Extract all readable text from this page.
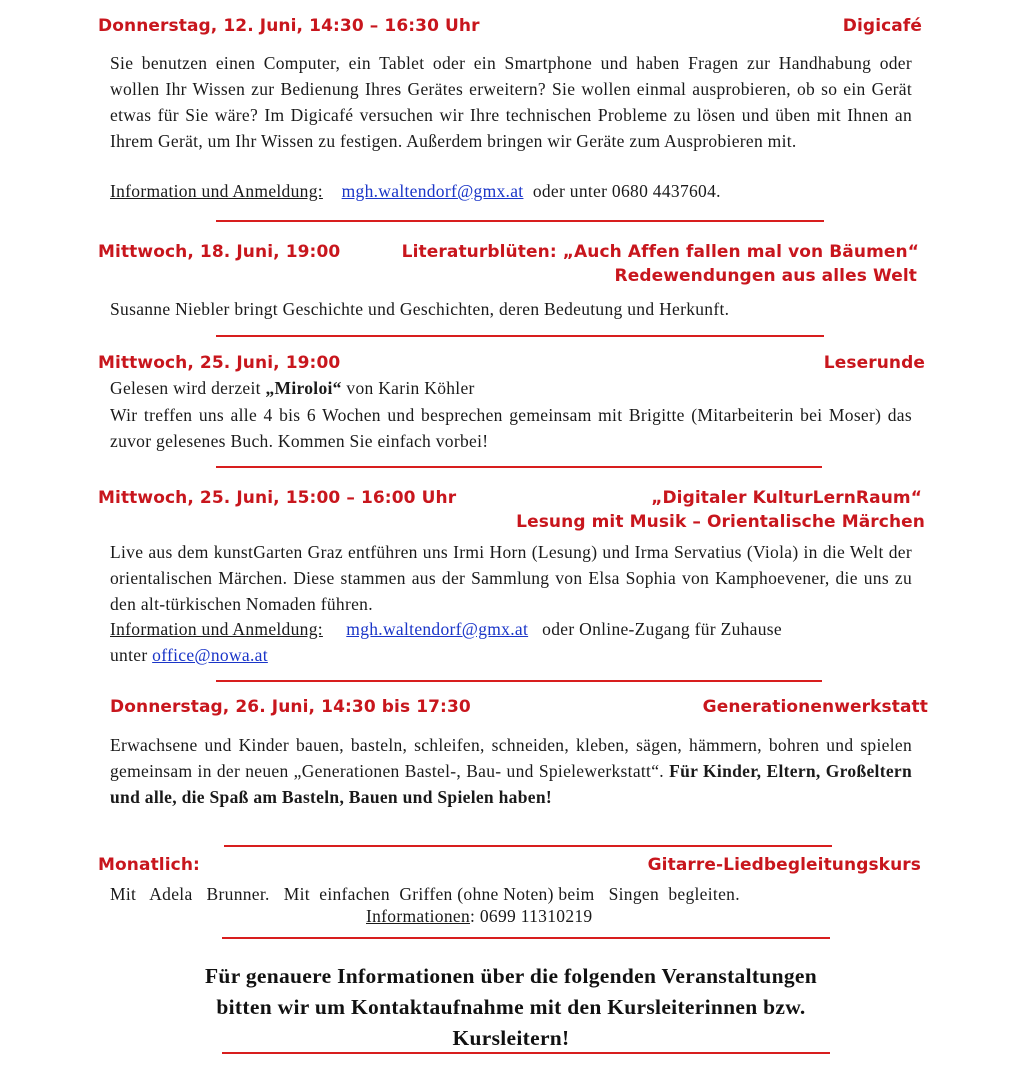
Donnerstag, 12. Juni, 14:30 – 16:30 Uhr	Digicafé
Sie benutzen einen Computer, ein Tablet oder ein Smartphone und haben Fragen zur Handhabung oder wollen Ihr Wissen zur Bedienung Ihres Gerätes erweitern? Sie wollen einmal ausprobieren, ob so ein Gerät etwas für Sie wäre? Im Digicafé versuchen wir Ihre technischen Probleme zu lösen und üben mit Ihnen an Ihrem Gerät, um Ihr Wissen zu festigen. Außerdem bringen wir Geräte zum Ausprobieren mit.
Information und Anmeldung: mgh.waltendorf@gmx.at oder unter 0680 4437604.
Mittwoch, 18. Juni, 19:00	Literaturblüten: „Auch Affen fallen mal von Bäumen“
Redewendungen aus alles Welt
Susanne Niebler bringt Geschichte und Geschichten, deren Bedeutung und Herkunft.
Mittwoch, 25. Juni, 19:00	Leserunde
Gelesen wird derzeit „Miroloi“ von Karin Köhler
Wir treffen uns alle 4 bis 6 Wochen und besprechen gemeinsam mit Brigitte (Mitarbeiterin bei Moser) das zuvor gelesenes Buch. Kommen Sie einfach vorbei!
Mittwoch, 25. Juni, 15:00 – 16:00 Uhr	„Digitaler KulturLernRaum“
Lesung mit Musik – Orientalische Märchen
Live aus dem kunstGarten Graz entführen uns Irmi Horn (Lesung) und Irma Servatius (Viola) in die Welt der orientalischen Märchen. Diese stammen aus der Sammlung von Elsa Sophia von Kamphoevener, die uns zu den alt-türkischen Nomaden führen.
Information und Anmeldung: mgh.waltendorf@gmx.at oder Online-Zugang für Zuhause
unter office@nowa.at
Donnerstag, 26. Juni, 14:30 bis 17:30	Generationenwerkstatt
Erwachsene und Kinder bauen, basteln, schleifen, schneiden, kleben, sägen, hämmern, bohren und spielen gemeinsam in der neuen „Generationen Bastel-, Bau- und Spielewerkstatt“. Für Kinder, Eltern, Großeltern und alle, die Spaß am Basteln, Bauen und Spielen haben!
Monatlich:	Gitarre-Liedbegleitungskurs
Mit   Adela   Brunner.   Mit  einfachen  Griffen (ohne Noten) beim   Singen  begleiten.
Informationen: 0699 11310219
Für genauere Informationen über die folgenden Veranstaltungen
bitten wir um Kontaktaufnahme mit den Kursleiterinnen bzw.
Kursleitern!
